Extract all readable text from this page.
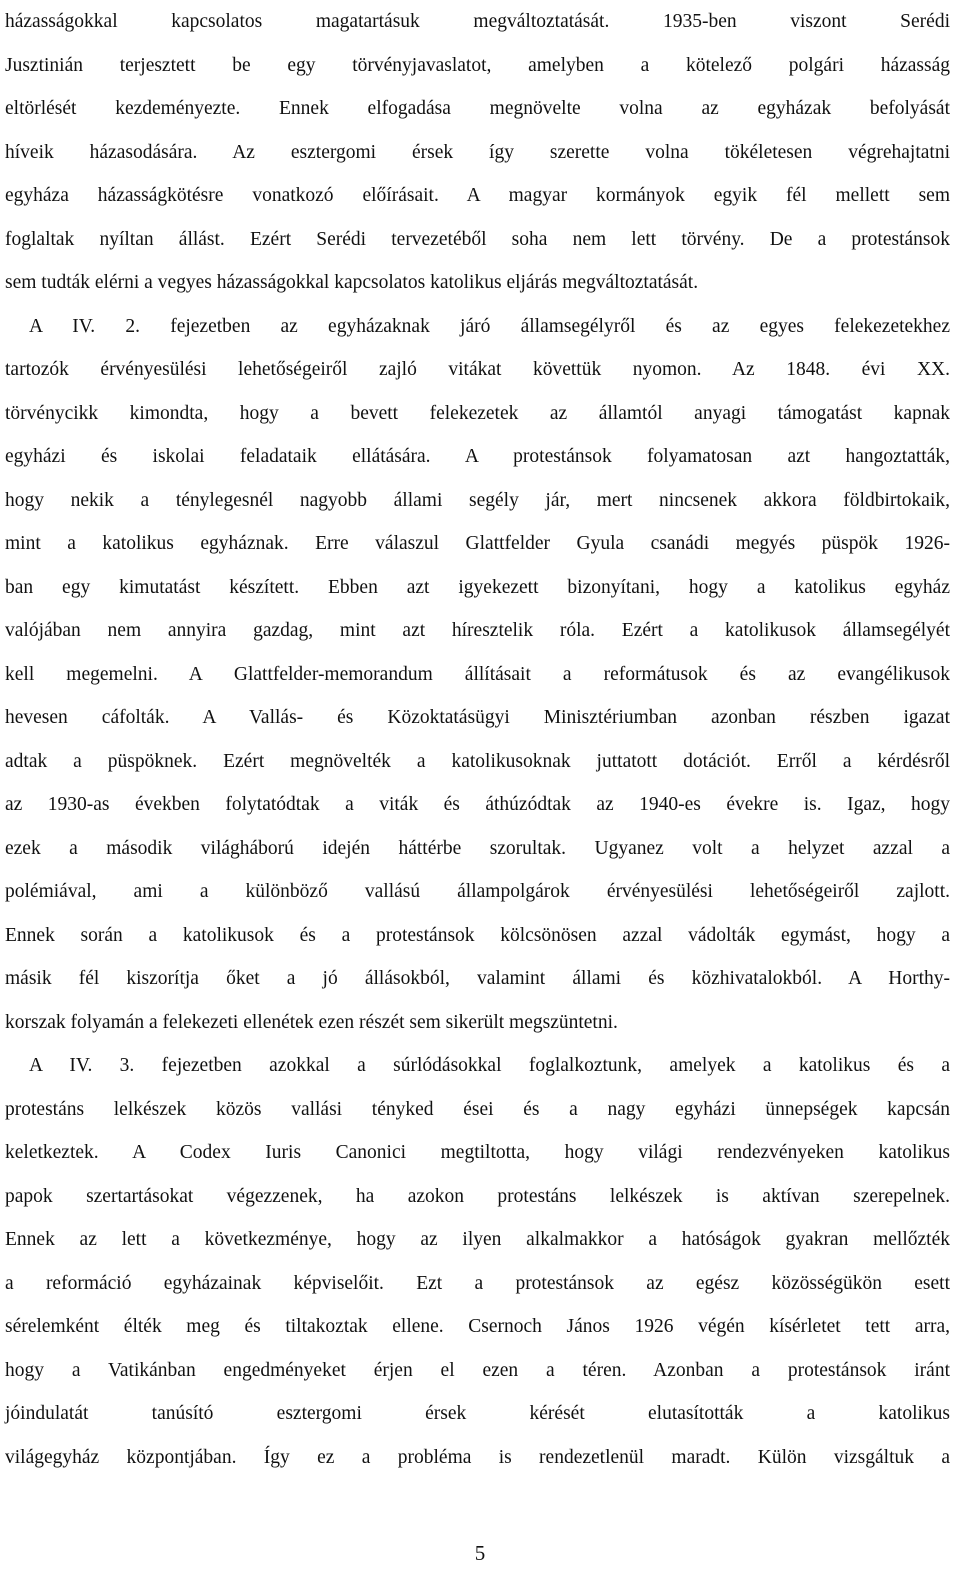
házasságokkal kapcsolatos magatartásuk megváltoztatását. 1935-ben viszont Serédi
Jusztinián terjesztett be egy törvényjavaslatot, amelyben a kötelező polgári házasság
eltörlését kezdeményezte. Ennek elfogadása megnövelte volna az egyházak befolyását
híveik házasodására. Az esztergomi érsek így szerette volna tökéletesen végrehajtatni
egyháza házasságkötésre vonatkozó előírásait. A magyar kormányok egyik fél mellett sem
foglaltak nyíltan állást. Ezért Serédi tervezetéből soha nem lett törvény. De a protestánsok
sem tudták elérni a vegyes házasságokkal kapcsolatos katolikus eljárás megváltoztatását.
A IV. 2. fejezetben az egyházaknak járó államsegélyről és az egyes felekezetekhez
tartozók érvényesülési lehetőségeiről zajló vitákat követtük nyomon. Az 1848. évi XX.
törvénycikk kimondta, hogy a bevett felekezetek az államtól anyagi támogatást kapnak
egyházi és iskolai feladataik ellátására. A protestánsok folyamatosan azt hangoztatták,
hogy nekik a ténylegesnél nagyobb állami segély jár, mert nincsenek akkora földbirtokaik,
mint a katolikus egyháznak. Erre válaszul Glattfelder Gyula csanádi megyés püspök 1926-
ban egy kimutatást készített. Ebben azt igyekezett bizonyítani, hogy a katolikus egyház
valójában nem annyira gazdag, mint azt híresztelik róla. Ezért a katolikusok államsegélyét
kell megemelni. A Glattfelder-memorandum állításait a reformátusok és az evangélikusok
hevesen cáfolták. A Vallás- és Közoktatásügyi Minisztériumban azonban részben igazat
adtak a püspöknek. Ezért megnövelték a katolikusoknak juttatott dotációt. Erről a kérdésről
az 1930-as években folytatódtak a viták és áthúzódtak az 1940-es évekre is. Igaz, hogy
ezek a második világháború idején háttérbe szorultak. Ugyanez volt a helyzet azzal a
polémiával, ami a különböző vallású állampolgárok érvényesülési lehetőségeiről zajlott.
Ennek során a katolikusok és a protestánsok kölcsönösen azzal vádolták egymást, hogy a
másik fél kiszorítja őket a jó állásokból, valamint állami és közhivatalokból. A Horthy-
korszak folyamán a felekezeti ellenétek ezen részét sem sikerült megszüntetni.
A IV. 3. fejezetben azokkal a súrlódásokkal foglalkoztunk, amelyek a katolikus és a
protestáns lelkészek közös vallási tényked ései és a nagy egyházi ünnepségek kapcsán
keletkeztek. A Codex Iuris Canonici megtiltotta, hogy világi rendezvényeken katolikus
papok szertartásokat végezzenek, ha azokon protestáns lelkészek is aktívan szerepelnek.
Ennek az lett a következménye, hogy az ilyen alkalmakkor a hatóságok gyakran mellőzték
a reformáció egyházainak képviselőit. Ezt a protestánsok az egész közösségükön esett
sérelemként élték meg és tiltakoztak ellene. Csernoch János 1926 végén kísérletet tett arra,
hogy a Vatikánban engedményeket érjen el ezen a téren. Azonban a protestánsok iránt
jóindulatát tanúsító esztergomi érsek kérését elutasították a katolikus
világegyház központjában. Így ez a probléma is rendezetlenül maradt. Külön vizsgáltuk a
5
